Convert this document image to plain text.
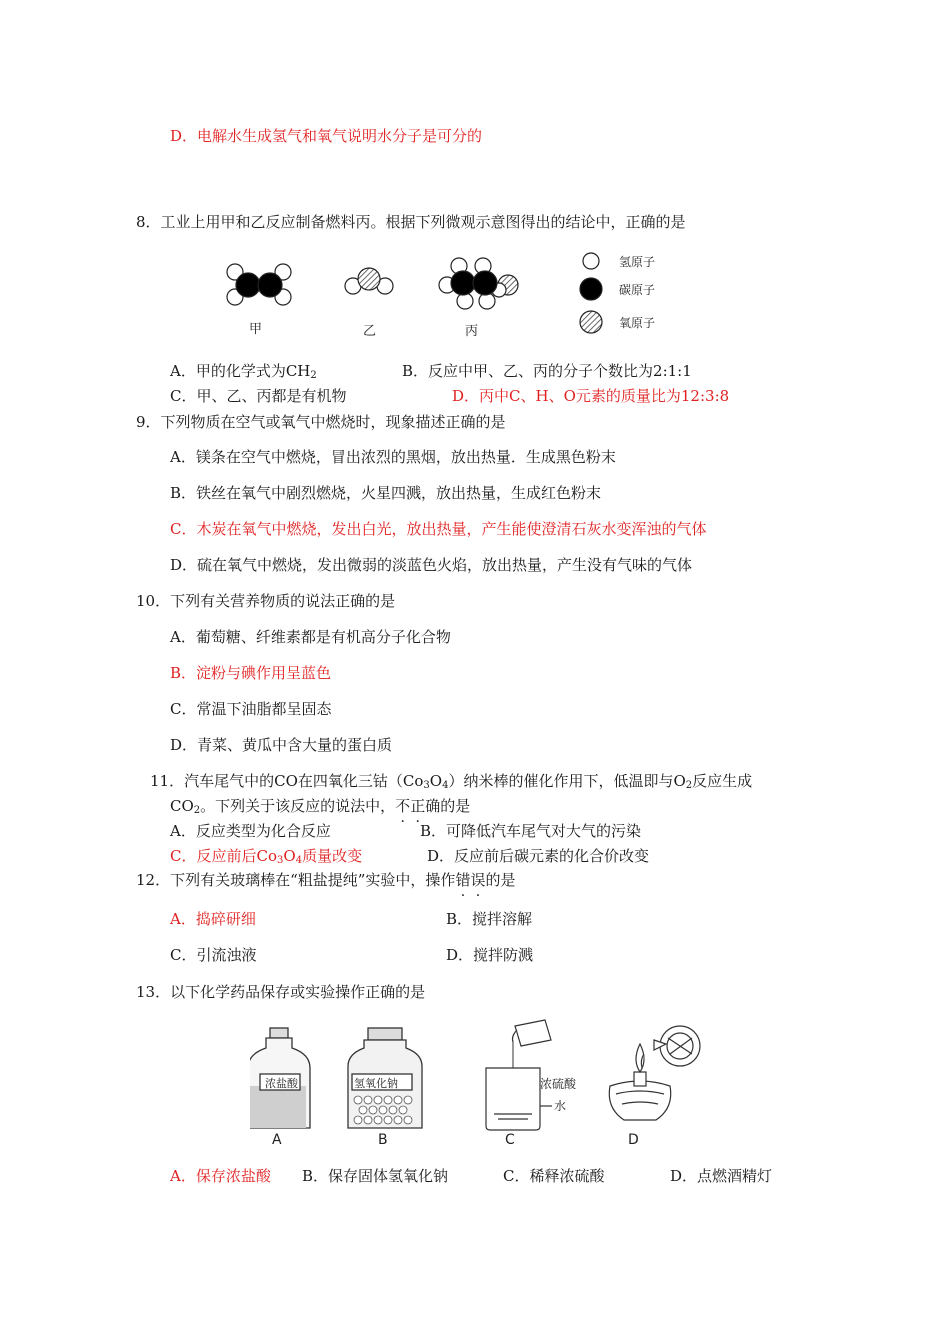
D．电解水生成氢气和氧气说明水分子是可分的
8．工业上用甲和乙反应制备燃料丙。根据下列微观示意图得出的结论中，正确的是
氢原子
碳原子
氧原子
甲	乙	丙
A．甲的化学式为$CH_2$	B．反应中甲、乙、丙的分子个数比为2:1:1
C．甲、乙、丙都是有机物	D．丙中C、H、O元素的质量比为12:3:8
9．下列物质在空气或氧气中燃烧时，现象描述正确的是
A．镁条在空气中燃烧，冒出浓烈的黑烟，放出热量．生成黑色粉末
B．铁丝在氧气中剧烈燃烧，火星四溅，放出热量，生成红色粉末
C．木炭在氧气中燃烧，发出白光，放出热量，产生能使澄清石灰水变浑浊的气体
D．硫在氧气中燃烧，发出微弱的淡蓝色火焰，放出热量，产生没有气味的气体
10．下列有关营养物质的说法正确的是
A．葡萄糖、纤维素都是有机高分子化合物
B．淀粉与碘作用呈蓝色
C．常温下油脂都呈固态
D．青菜、黄瓜中含大量的蛋白质
11．汽车尾气中的CO在四氧化三钴$(Co_3O_4)$纳米棒的催化作用下，低温即与$O_2$反应生成
$CO_2$。下列关于该反应的说法中，不正确的是
A．反应类型为化合反应	B．可降低汽车尾气对大气的污染
C．反应前后$Co_3O_4$质量改变	D．反应前后碳元素的化合价改变
12．下列有关玻璃棒在“粗盐提纯”实验中，操作错误的是
A．捣碎研细	B．搅拌溶解
C．引流浊液	D．搅拌防溅
13．以下化学药品保存或实验操作正确的是
浓盐酸
A
氢氧化钠
B
浓硫酸
水
C	D
A．保存浓盐酸 B．保存固体氢氧化钠	C．稀释浓硫酸	D．点燃酒精灯
